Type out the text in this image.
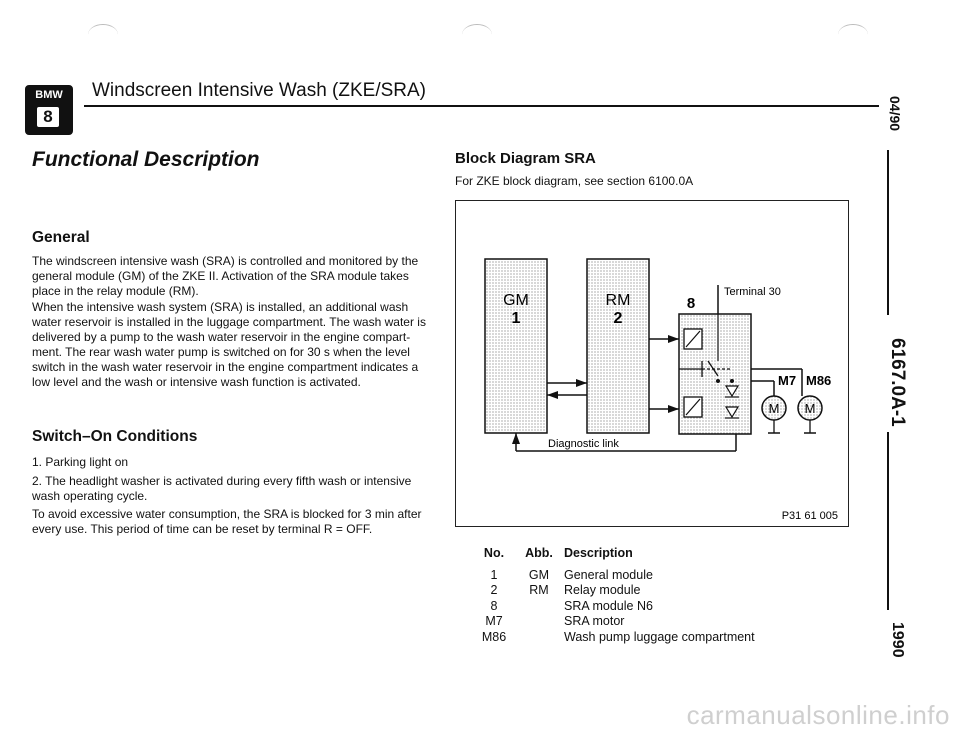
BMW
8
Windscreen Intensive Wash (ZKE/SRA)
04/90
6167.0A-1
1990
Functional Description
General
The windscreen intensive wash (SRA) is controlled and monitored by the general module (GM) of the ZKE II. Activation of the SRA module takes place in the relay module (RM).
When the intensive wash system (SRA) is installed, an additional wash water reservoir is installed in the luggage compartment. The wash water is delivered by a pump to the wash water reservoir in the engine compart-ment. The rear wash water pump is switched on for 30 s when the level switch in the wash water reservoir in the engine compartment indicates a low level and the wash or intensive wash function is activated.
Switch–On Conditions
1. Parking light on
2. The headlight washer is activated during every fifth wash or intensive wash operating cycle.
To avoid excessive water consumption, the SRA is blocked for 3 min after every use. This period of time can be reset by terminal R = OFF.
Block Diagram SRA
For ZKE block diagram, see section 6100.0A
GM
1
RM
2
8
Terminal 30
M7 M86
M M
Diagnostic link
P31 61 005
No.	Abb.	Description

1	GM	General module
2	RM	Relay module
8		SRA module N6
M7		SRA motor
M86		Wash pump luggage compartment
carmanualsonline.info
